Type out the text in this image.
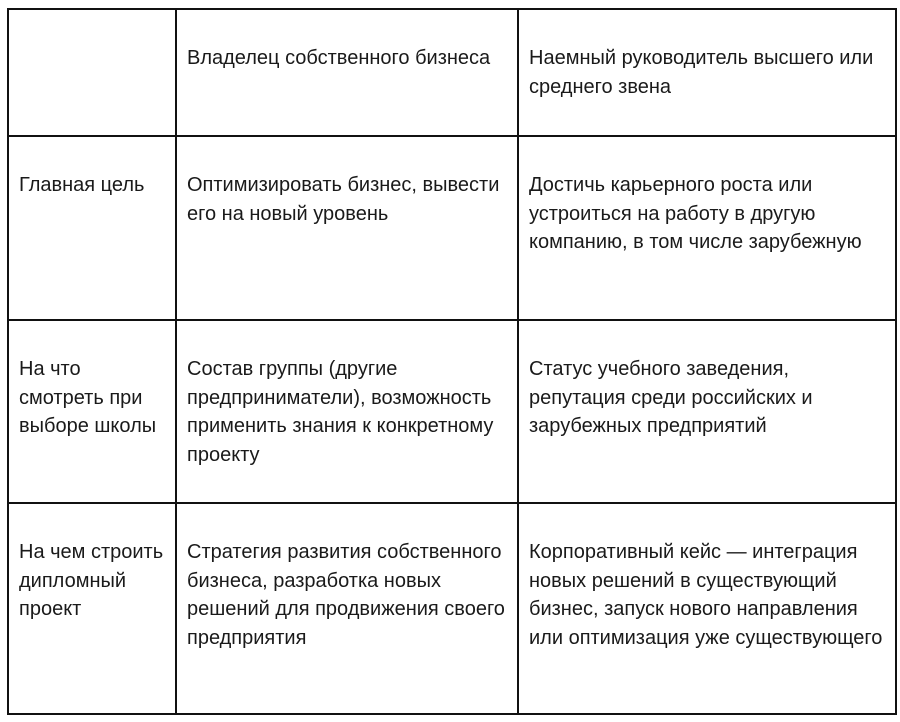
	Владелец собственного бизнеса	Наемный руководитель высшего или среднего звена

Главная цель	Оптимизировать бизнес, вывести его на новый уровень	Достичь карьерного роста или устроиться на работу в другую компанию, в том числе зарубежную

На что смотреть при выборе школы	Состав группы (другие предприниматели), возможность применить знания к конкретному проекту	Статус учебного заведения, репутация среди российских и зарубежных предприятий

На чем строить дипломный проект	Стратегия развития собственного бизнеса, разработка новых решений для продвижения своего предприятия	Корпоративный кейс — интеграция новых решений в существующий бизнес, запуск нового направления или оптимизация уже существующего
